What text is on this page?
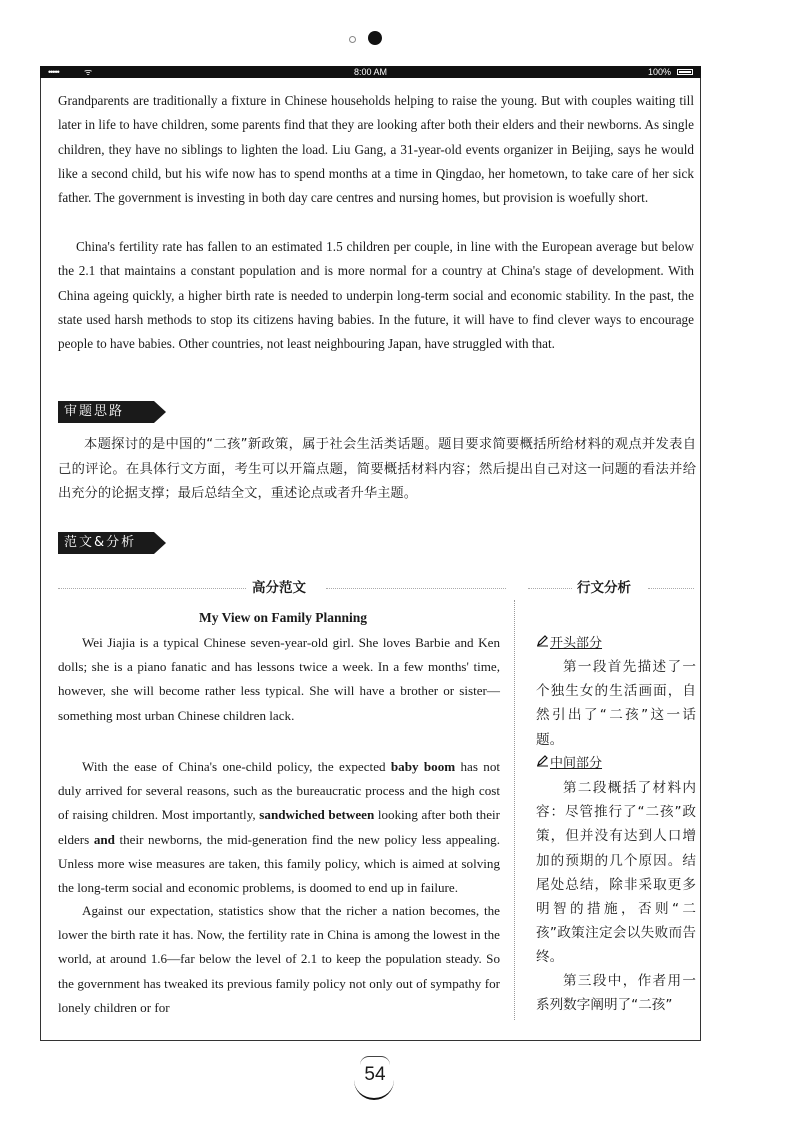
•••••	ᯤ	8:00 AM	100%

Grandparents are traditionally a fixture in Chinese households helping to raise the young. But with couples waiting till later in life to have children, some parents find that they are looking after both their elders and their newborns. As single children, they have no siblings to lighten the load. Liu Gang, a 31-year-old events organizer in Beijing, says he would like a second child, but his wife now has to spend months at a time in Qingdao, her hometown, to take care of her sick father. The government is investing in both day care centres and nursing homes, but provision is woefully short.

China's fertility rate has fallen to an estimated 1.5 children per couple, in line with the European average but below the 2.1 that maintains a constant population and is more normal for a country at China's stage of development. With China ageing quickly, a higher birth rate is needed to underpin long-term social and economic stability. In the past, the state used harsh methods to stop its citizens having babies. In the future, it will have to find clever ways to encourage people to have babies. Other countries, not least neighbouring Japan, have struggled with that.

审题思路

本题探讨的是中国的“二孩”新政策，属于社会生活类话题。题目要求简要概括所给材料的观点并发表自己的评论。在具体行文方面，考生可以开篇点题，简要概括材料内容；然后提出自己对这一问题的看法并给出充分的论据支撑；最后总结全文，重述论点或者升华主题。

范文&分析
高分范文	行文分析
My View on Family Planning

Wei Jiajia is a typical Chinese seven-year-old girl. She loves Barbie and Ken dolls; she is a piano fanatic and has lessons twice a week. In a few months' time, however, she will become rather less typical. She will have a brother or sister—something most urban Chinese children lack.

With the ease of China's one-child policy, the expected baby boom has not duly arrived for several reasons, such as the bureaucratic process and the high cost of raising children. Most importantly, sandwiched between looking after both their elders and their newborns, the mid-generation find the new policy less appealing. Unless more wise measures are taken, this family policy, which is aimed at solving the long-term social and economic problems, is doomed to end up in failure.

Against our expectation, statistics show that the richer a nation becomes, the lower the birth rate it has. Now, the fertility rate in China is among the lowest in the world, at around 1.6—far below the level of 2.1 to keep the population steady. So the government has tweaked its previous family policy not only out of sympathy for lonely children or for

开头部分

第一段首先描述了一个独生女的生活画面，自然引出了“二孩”这一话题。

中间部分

第二段概括了材料内容：尽管推行了“二孩”政策，但并没有达到人口增加的预期的几个原因。结尾处总结，除非采取更多明智的措施，否则“二孩”政策注定会以失败而告终。

第三段中，作者用一系列数字阐明了“二孩”

54
